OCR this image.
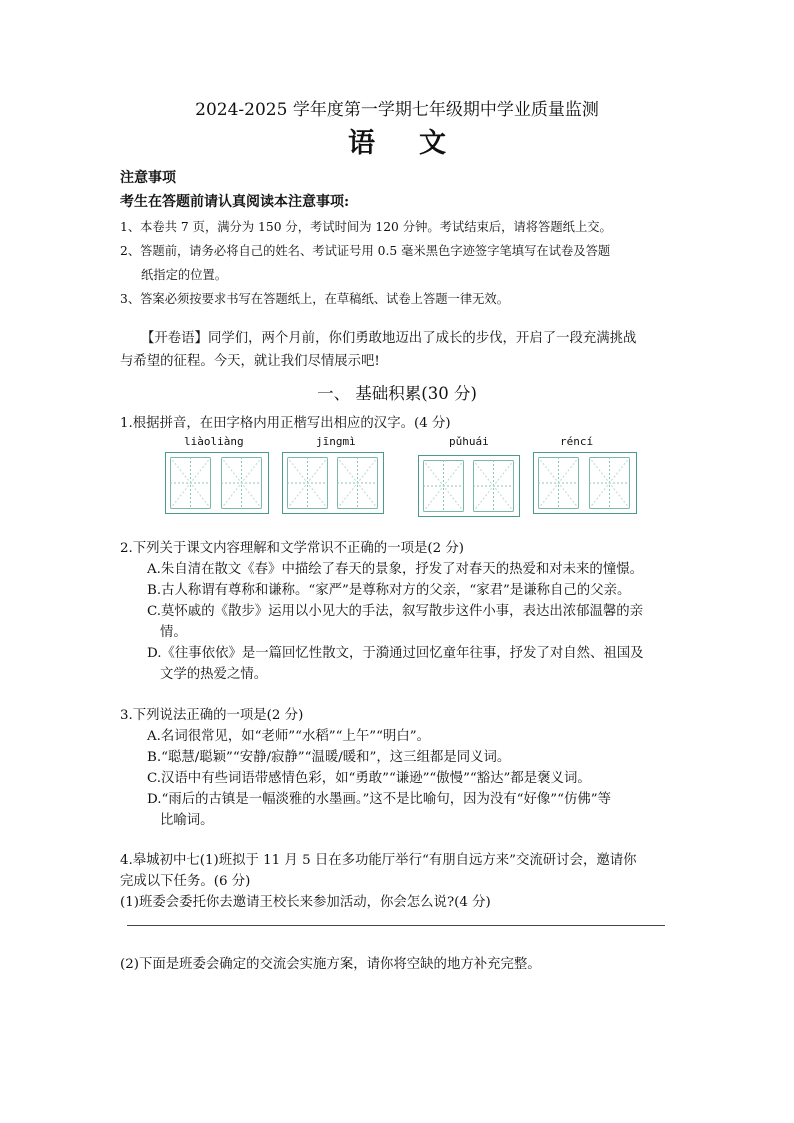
2024-2025 学年度第一学期七年级期中学业质量监测
语文
注意事项
考生在答题前请认真阅读本注意事项:
1、本卷共 7 页，满分为 150 分，考试时间为 120 分钟。考试结束后，请将答题纸上交。
2、答题前，请务必将自己的姓名、考试证号用 0.5 毫米黑色字迹签字笔填写在试卷及答题
纸指定的位置。
3、答案必须按要求书写在答题纸上，在草稿纸、试卷上答题一律无效。
【开卷语】同学们，两个月前，你们勇敢地迈出了成长的步伐，开启了一段充满挑战
与希望的征程。今天，就让我们尽情展示吧!
一、 基础积累(30 分)
1.根据拼音，在田字格内用正楷写出相应的汉字。(4 分)
liàoliàng	jīngmì	pǔhuái	réncí
2.下列关于课文内容理解和文学常识不正确的一项是(2 分)
A.朱自清在散文《春》中描绘了春天的景象，抒发了对春天的热爱和对未来的憧憬。
B.古人称谓有尊称和谦称。“家严”是尊称对方的父亲，“家君”是谦称自己的父亲。
C.莫怀戚的《散步》运用以小见大的手法，叙写散步这件小事，表达出浓郁温馨的亲
情。
D.《往事依依》是一篇回忆性散文，于漪通过回忆童年往事，抒发了对自然、祖国及
文学的热爱之情。
3.下列说法正确的一项是(2 分)
A.名词很常见，如“老师”“水稻”“上午”“明白”。
B.“聪慧/聪颖”“安静/寂静”“温暖/暖和”，这三组都是同义词。
C.汉语中有些词语带感情色彩，如“勇敢”“谦逊”“傲慢”“豁达”都是褒义词。
D.“雨后的古镇是一幅淡雅的水墨画。”这不是比喻句，因为没有“好像”“仿佛”等
比喻词。
4.皋城初中七(1)班拟于 11 月 5 日在多功能厅举行“有朋自远方来”交流研讨会，邀请你
完成以下任务。(6 分)
(1)班委会委托你去邀请王校长来参加活动，你会怎么说?(4 分)
(2)下面是班委会确定的交流会实施方案，请你将空缺的地方补充完整。
